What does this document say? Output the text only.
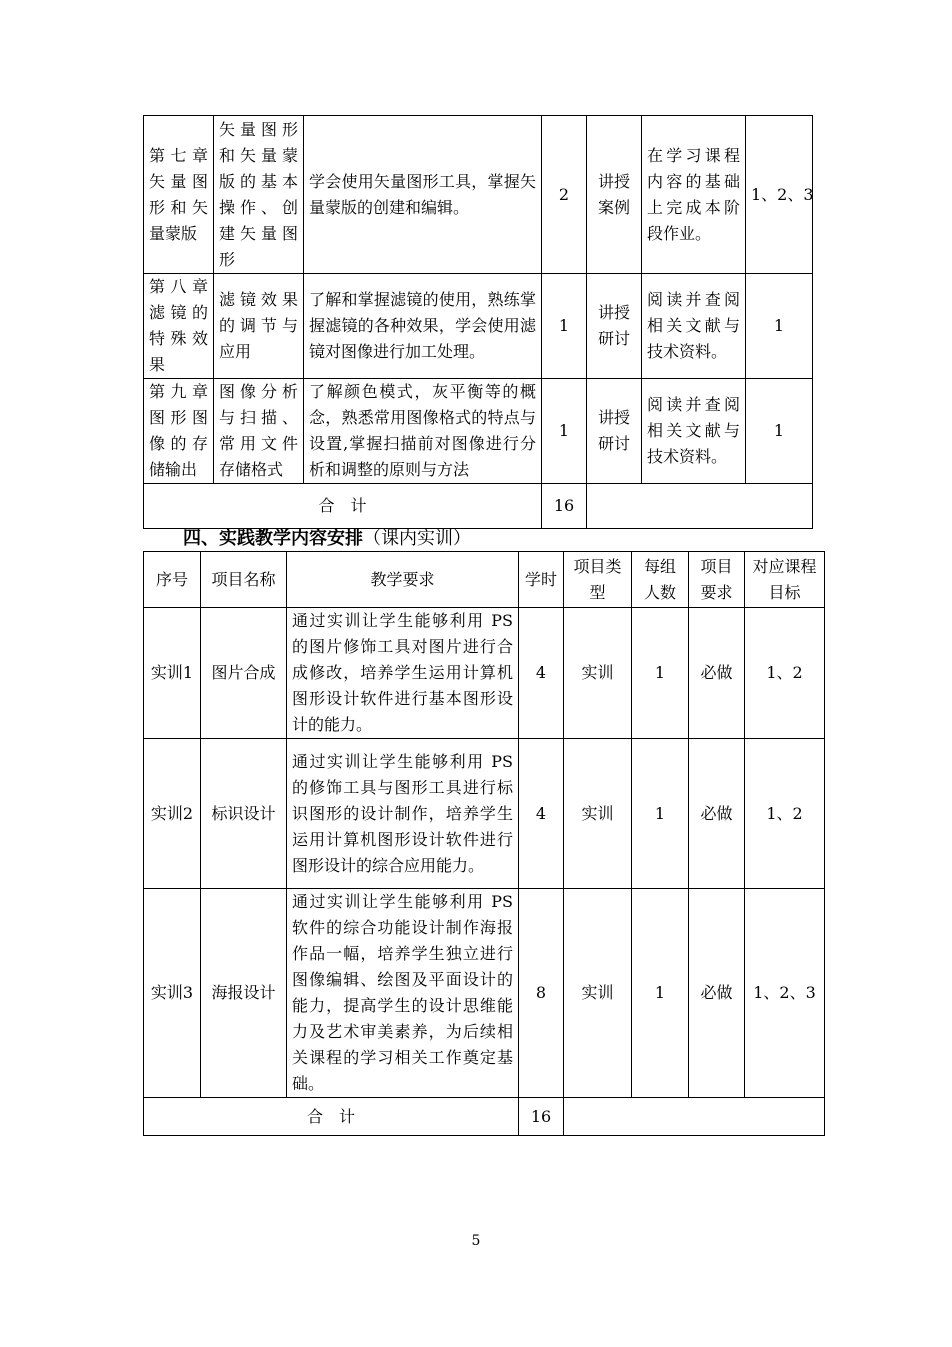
第七章矢量图形和矢量蒙版	矢量图形和矢量蒙版的基本操作、创建矢量图形	学会使用矢量图形工具，掌握矢量蒙版的创建和编辑。	2	讲授案例	在学习课程内容的基础上完成本阶段作业。	1、2、3
第八章滤镜的特殊效果	滤镜效果的调节与应用	了解和掌握滤镜的使用，熟练掌握滤镜的各种效果，学会使用滤镜对图像进行加工处理。	1	讲授研讨	阅读并查阅相关文献与技术资料。	1
第九章图形图像的存储输出	图像分析与扫描、常用文件存储格式	了解颜色模式，灰平衡等的概念，熟悉常用图像格式的特点与设置,掌握扫描前对图像进行分析和调整的原则与方法	1	讲授研讨	阅读并查阅相关文献与技术资料。	1
合　计			16			
四、实践教学内容安排（课内实训）
序号	项目名称	教学要求	学时	项目类型	每组人数	项目要求	对应课程目标
实训1	图片合成	通过实训让学生能够利用 PS 的图片修饰工具对图片进行合成修改，培养学生运用计算机图形设计软件进行基本图形设计的能力。	4	实训	1	必做	1、2
实训2	标识设计	通过实训让学生能够利用 PS 的修饰工具与图形工具进行标识图形的设计制作，培养学生运用计算机图形设计软件进行图形设计的综合应用能力。	4	实训	1	必做	1、2
实训3	海报设计	通过实训让学生能够利用 PS 软件的综合功能设计制作海报作品一幅，培养学生独立进行图像编辑、绘图及平面设计的能力，提高学生的设计思维能力及艺术审美素养，为后续相关课程的学习相关工作奠定基础。	8	实训	1	必做	1、2、3
合　计			16				
5
